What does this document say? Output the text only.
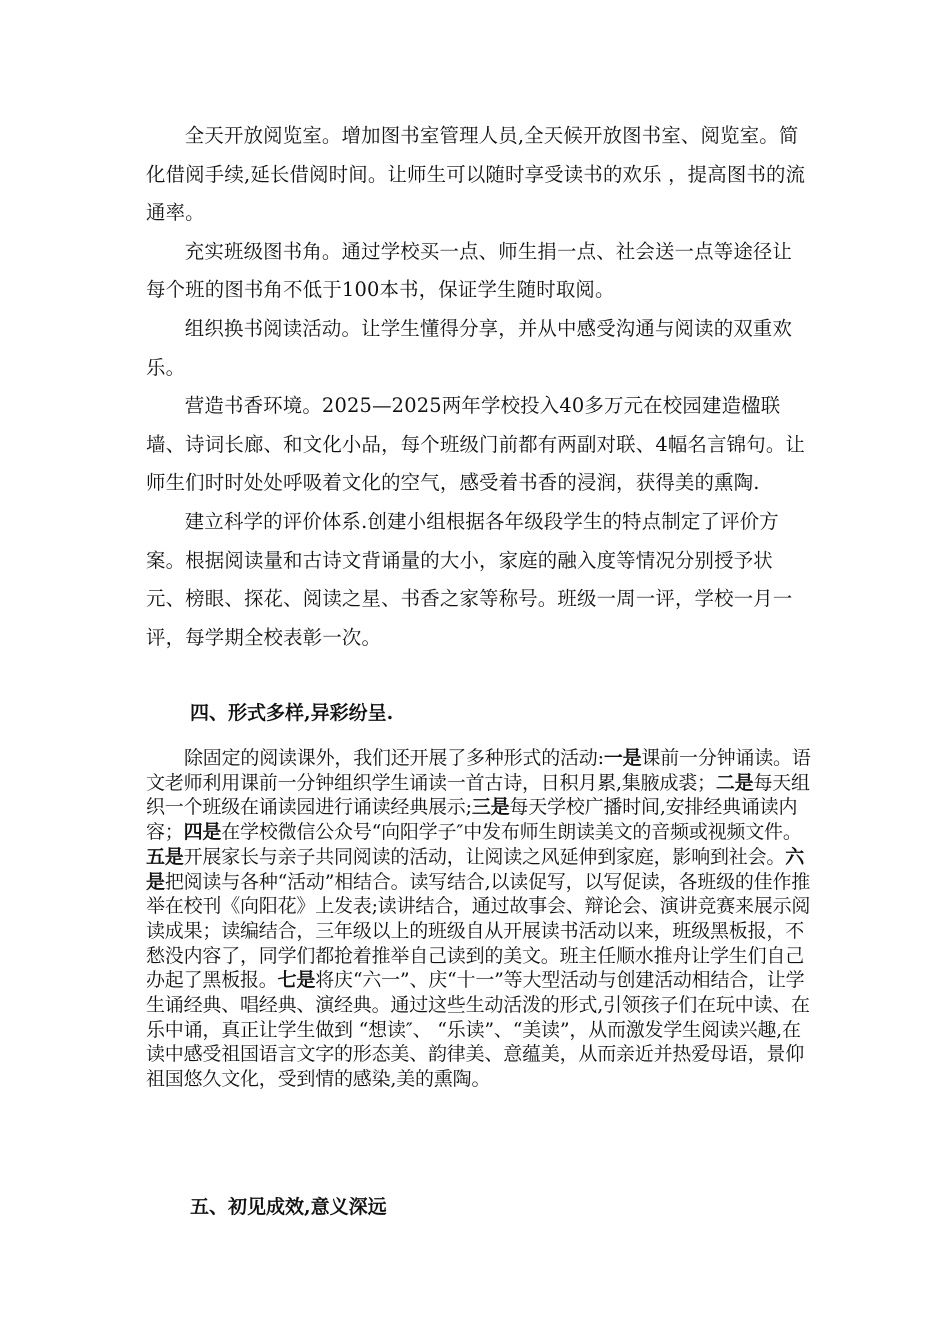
全天开放阅览室。增加图书室管理人员,全天候开放图书室、阅览室。简化借阅手续,延长借阅时间。让师生可以随时享受读书的欢乐 ，提高图书的流通率。

充实班级图书角。通过学校买一点、师生捐一点、社会送一点等途径让每个班的图书角不低于100本书，保证学生随时取阅。

组织换书阅读活动。让学生懂得分享，并从中感受沟通与阅读的双重欢乐。

营造书香环境。2025—2025两年学校投入40多万元在校园建造楹联墙、诗词长廊、和文化小品，每个班级门前都有两副对联、4幅名言锦句。让师生们时时处处呼吸着文化的空气，感受着书香的浸润，获得美的熏陶.

建立科学的评价体系.创建小组根据各年级段学生的特点制定了评价方案。根据阅读量和古诗文背诵量的大小，家庭的融入度等情况分别授予状元、榜眼、探花、阅读之星、书香之家等称号。班级一周一评，学校一月一评，每学期全校表彰一次。

四、形式多样,异彩纷呈.

除固定的阅读课外，我们还开展了多种形式的活动:一是课前一分钟诵读。语文老师利用课前一分钟组织学生诵读一首古诗，日积月累,集腋成裘；二是每天组织一个班级在诵读园进行诵读经典展示;三是每天学校广播时间,安排经典诵读内容；四是在学校微信公众号“向阳学子″中发布师生朗读美文的音频或视频文件。五是开展家长与亲子共同阅读的活动，让阅读之风延伸到家庭，影响到社会。六是把阅读与各种“活动”相结合。读写结合,以读促写，以写促读，各班级的佳作推举在校刊《向阳花》上发表;读讲结合，通过故事会、辩论会、演讲竞赛来展示阅读成果；读编结合，三年级以上的班级自从开展读书活动以来，班级黑板报，不愁没内容了，同学们都抢着推举自己读到的美文。班主任顺水推舟让学生们自己办起了黑板报。七是将庆“六一”、庆“十一”等大型活动与创建活动相结合，让学生诵经典、唱经典、演经典。通过这些生动活泼的形式,引领孩子们在玩中读、在乐中诵，真正让学生做到 “想读″、 “乐读”、“美读”，从而激发学生阅读兴趣,在读中感受祖国语言文字的形态美、韵律美、意蕴美，从而亲近并热爱母语，景仰祖国悠久文化，受到情的感染,美的熏陶。

五、初见成效,意义深远
